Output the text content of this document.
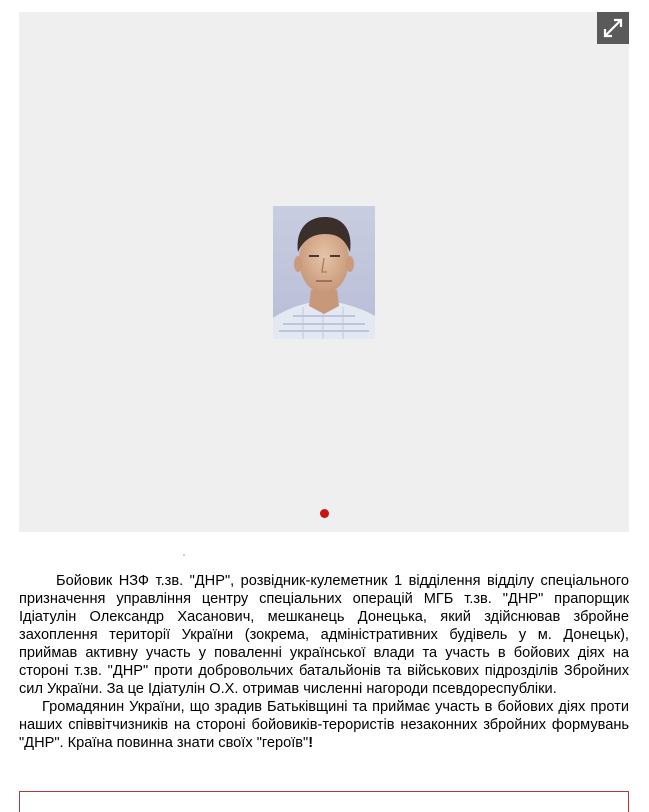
Бойовик НЗФ т.зв. "ДНР", розвідник-кулеметник 1 відділення відділу спеціального призначення управління центру спеціальних операцій МГБ т.зв. "ДНР" прапорщик Ідіатулін Олександр Хасанович, мешканець Донецька, який здійснював збройне захоплення території України (зокрема, адміністративних будівель у м. Донецьк), приймав активну участь у поваленні української влади та участь в бойових діях на стороні т.зв. "ДНР" проти добровольчих батальйонів та військових підрозділів Збройних сил України. За це Ідіатулін О.Х. отримав численні нагороди псевдореспубліки.

Громадянин України, що зрадив Батьківщині та приймає участь в бойових діях проти наших співвітчизників на стороні бойовиків-терористів незаконних збройних формувань "ДНР". Країна повинна знати своїх "героїв"!
